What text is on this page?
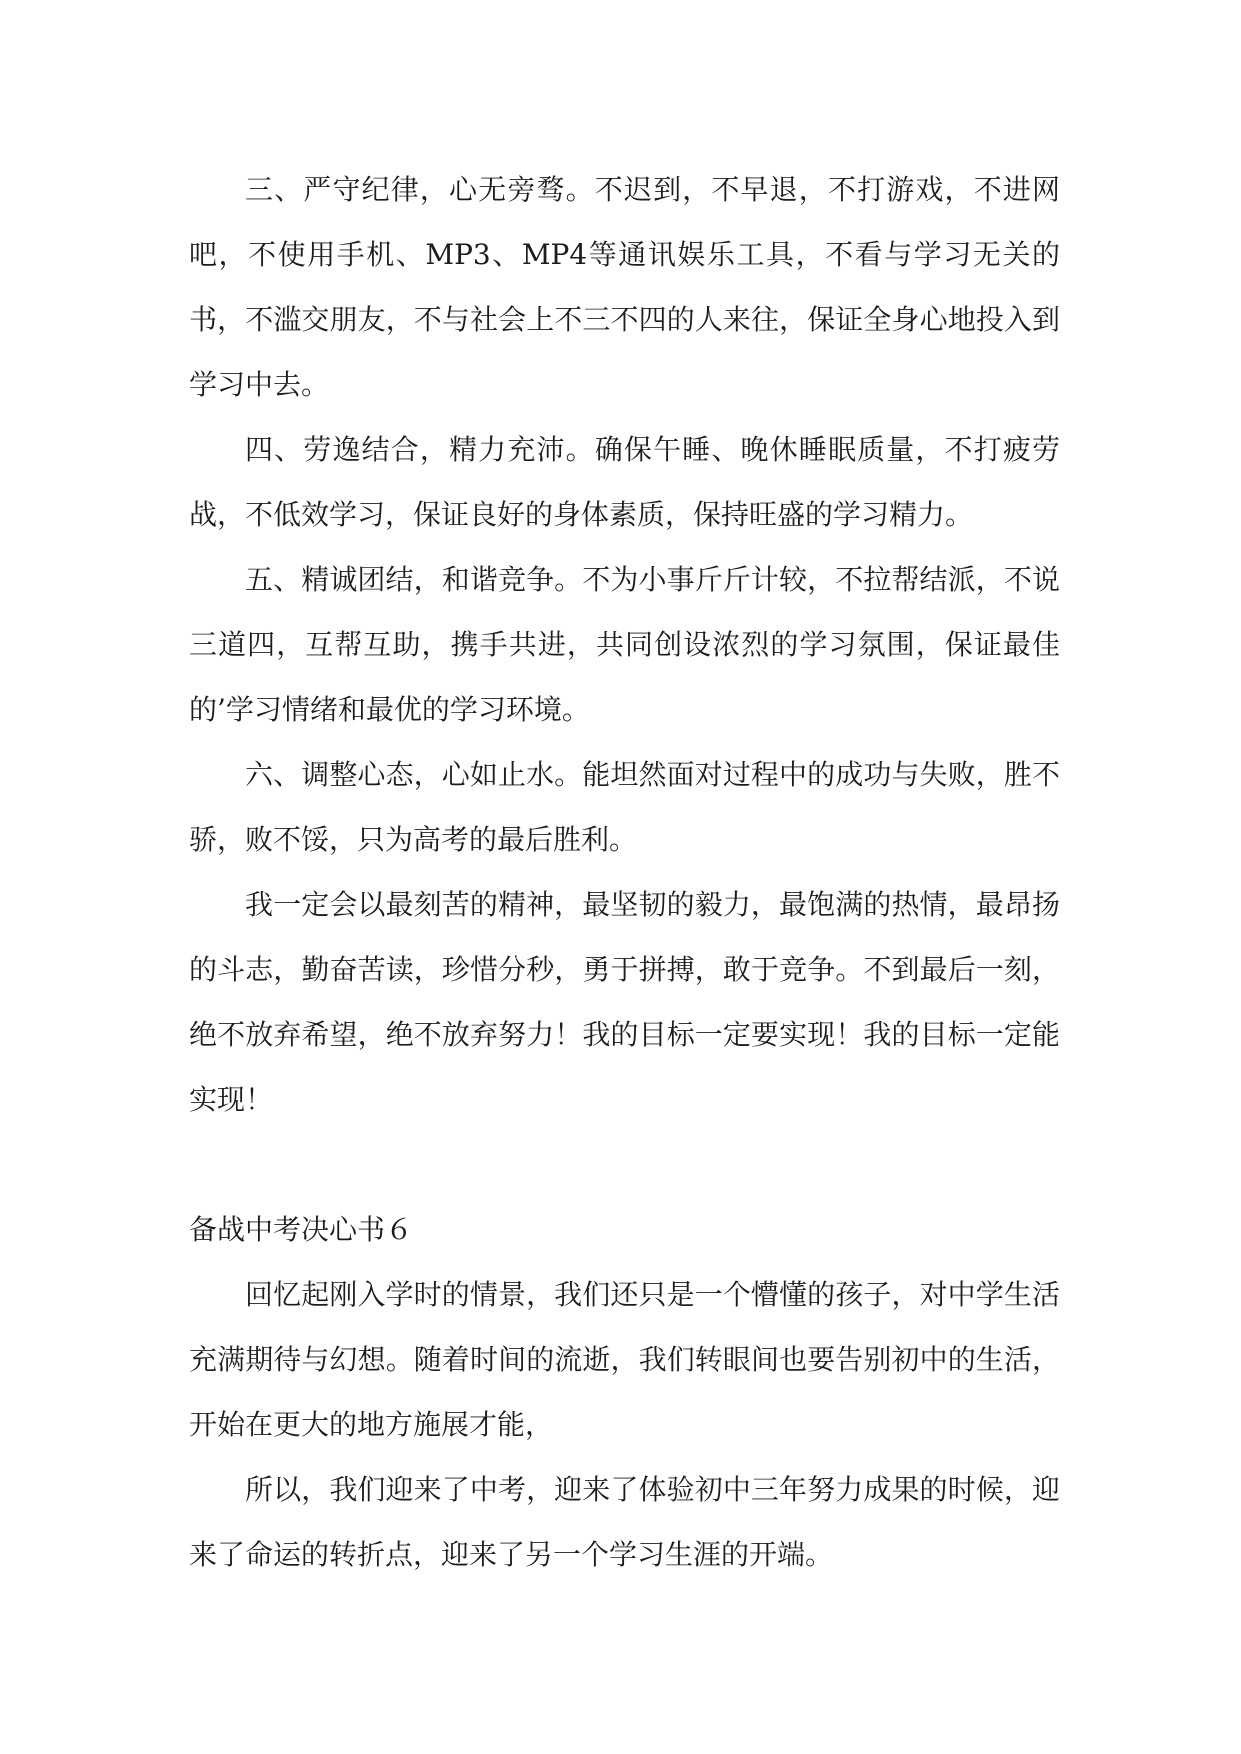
三、严守纪律，心无旁骛。不迟到，不早退，不打游戏，不进网吧，不使用手机、MP3、MP4等通讯娱乐工具，不看与学习无关的书，不滥交朋友，不与社会上不三不四的人来往，保证全身心地投入到学习中去。

四、劳逸结合，精力充沛。确保午睡、晚休睡眠质量，不打疲劳战，不低效学习，保证良好的身体素质，保持旺盛的学习精力。

五、精诚团结，和谐竞争。不为小事斤斤计较，不拉帮结派，不说三道四，互帮互助，携手共进，共同创设浓烈的学习氛围，保证最佳的’学习情绪和最优的学习环境。

六、调整心态，心如止水。能坦然面对过程中的成功与失败，胜不骄，败不馁，只为高考的最后胜利。

我一定会以最刻苦的精神，最坚韧的毅力，最饱满的热情，最昂扬的斗志，勤奋苦读，珍惜分秒，勇于拼搏，敢于竞争。不到最后一刻，绝不放弃希望，绝不放弃努力！我的目标一定要实现！我的目标一定能实现！

备战中考决心书６

回忆起刚入学时的情景，我们还只是一个懵懂的孩子，对中学生活充满期待与幻想。随着时间的流逝，我们转眼间也要告别初中的生活，开始在更大的地方施展才能，

所以，我们迎来了中考，迎来了体验初中三年努力成果的时候，迎来了命运的转折点，迎来了另一个学习生涯的开端。
